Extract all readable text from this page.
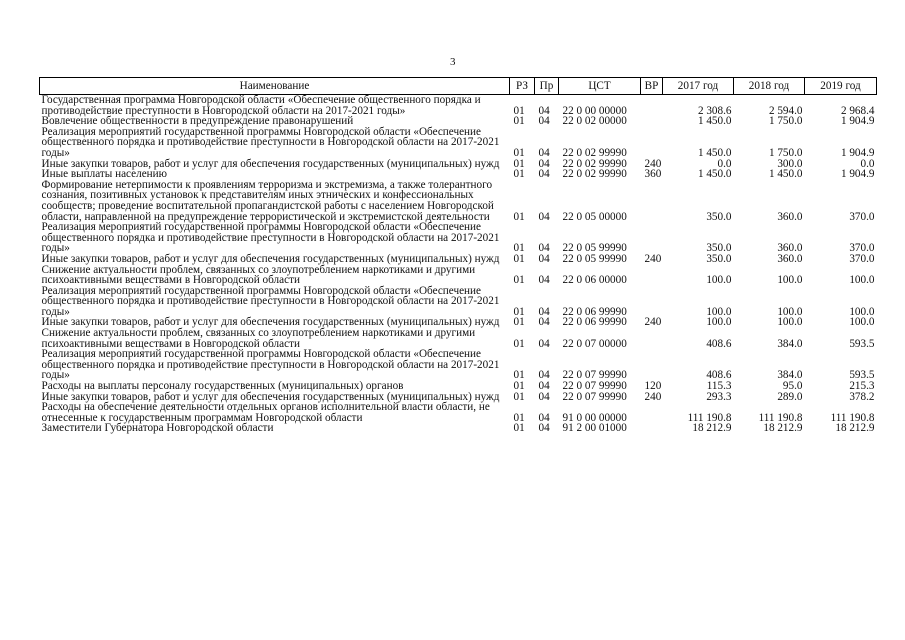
3
Наименование	РЗ	Пр	ЦСТ	ВР	2017 год	2018 год	2019 год
Государственная программа Новгородской области «Обеспечение общественного порядка и противодействие преступности в Новгородской области на 2017-2021 годы»	01	04	22 0 00 00000		2 308.6	2 594.0	2 968.4
Вовлечение общественности в предупреждение правонарушений	01	04	22 0 02 00000		1 450.0	1 750.0	1 904.9
Реализация мероприятий государственной программы Новгородской области «Обеспечение общественного порядка и противодействие преступности в Новгородской области на 2017-2021 годы»	01	04	22 0 02 99990		1 450.0	1 750.0	1 904.9
Иные закупки товаров, работ и услуг для обеспечения государственных (муниципальных) нужд	01	04	22 0 02 99990	240	0.0	300.0	0.0
Иные выплаты населению	01	04	22 0 02 99990	360	1 450.0	1 450.0	1 904.9
Формирование нетерпимости к проявлениям терроризма и экстремизма, а также толерантного сознания, позитивных установок к представителям иных этнических и конфессиональных сообществ; проведение воспитательной пропагандистской работы с населением Новгородской области, направленной на предупреждение террористической и экстремистской деятельности	01	04	22 0 05 00000		350.0	360.0	370.0
Реализация мероприятий государственной программы Новгородской области «Обеспечение общественного порядка и противодействие преступности в Новгородской области на 2017-2021 годы»	01	04	22 0 05 99990		350.0	360.0	370.0
Иные закупки товаров, работ и услуг для обеспечения государственных (муниципальных) нужд	01	04	22 0 05 99990	240	350.0	360.0	370.0
Снижение актуальности проблем, связанных со злоупотреблением наркотиками и другими психоактивными веществами в Новгородской области	01	04	22 0 06 00000		100.0	100.0	100.0
Реализация мероприятий государственной программы Новгородской области «Обеспечение общественного порядка и противодействие преступности в Новгородской области на 2017-2021 годы»	01	04	22 0 06 99990		100.0	100.0	100.0
Иные закупки товаров, работ и услуг для обеспечения государственных (муниципальных) нужд	01	04	22 0 06 99990	240	100.0	100.0	100.0
Снижение актуальности проблем, связанных со злоупотреблением наркотиками и другими психоактивными веществами в Новгородской области	01	04	22 0 07 00000		408.6	384.0	593.5
Реализация мероприятий государственной программы Новгородской области «Обеспечение общественного порядка и противодействие преступности в Новгородской области на 2017-2021 годы»	01	04	22 0 07 99990		408.6	384.0	593.5
Расходы на выплаты персоналу государственных (муниципальных) органов	01	04	22 0 07 99990	120	115.3	95.0	215.3
Иные закупки товаров, работ и услуг для обеспечения государственных (муниципальных) нужд	01	04	22 0 07 99990	240	293.3	289.0	378.2
Расходы на обеспечение деятельности отдельных органов исполнительной власти области, не отнесенные к государственным программам Новгородской области	01	04	91 0 00 00000		111 190.8	111 190.8	111 190.8
Заместители Губернатора Новгородской области	01	04	91 2 00 01000		18 212.9	18 212.9	18 212.9
